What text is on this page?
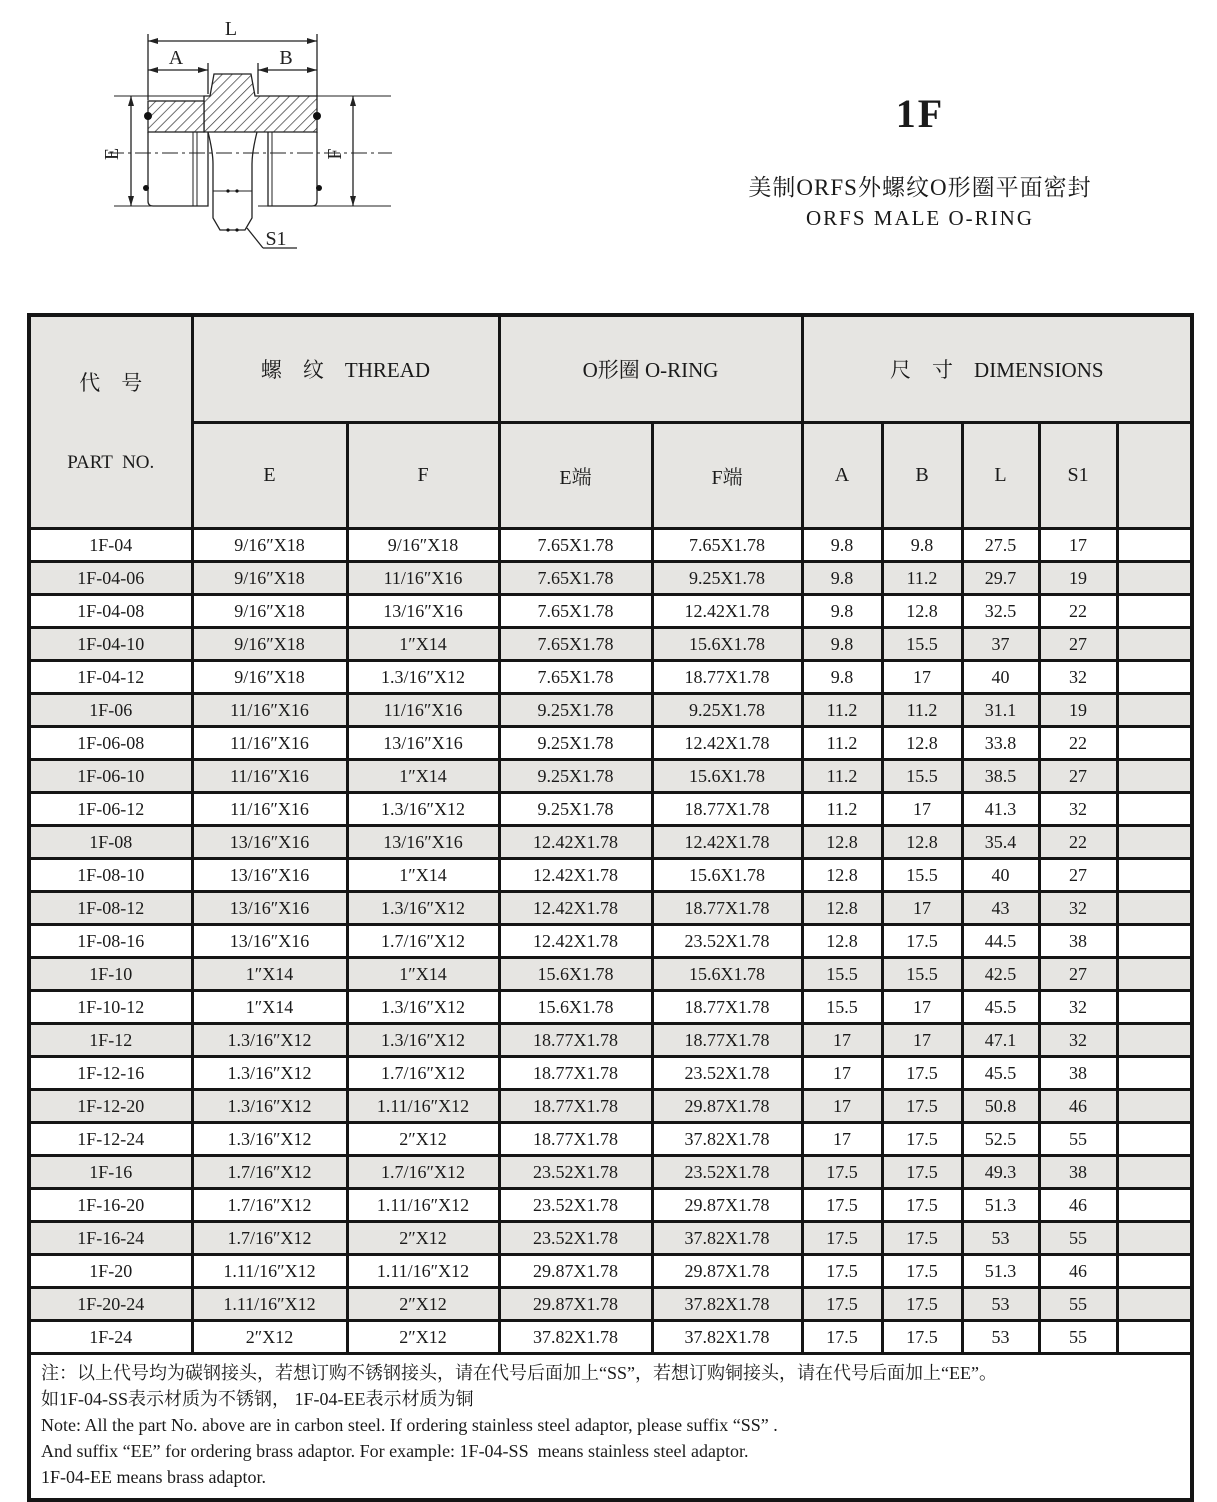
L
A	B
E	F
S1
1F
美制ORFS外螺纹O形圈平面密封
ORFS MALE O-RING

代　号

PART  NO.	螺　纹　THREAD		O形圈 O-RING		尺　寸　DIMENSIONS				
	E	F	E端	F端	A	B	L	S1	
1F-04	9/16″X18	9/16″X18	7.65X1.78	7.65X1.78	9.8	9.8	27.5	17	
1F-04-06	9/16″X18	11/16″X16	7.65X1.78	9.25X1.78	9.8	11.2	29.7	19	
1F-04-08	9/16″X18	13/16″X16	7.65X1.78	12.42X1.78	9.8	12.8	32.5	22	
1F-04-10	9/16″X18	1″X14	7.65X1.78	15.6X1.78	9.8	15.5	37	27	
1F-04-12	9/16″X18	1.3/16″X12	7.65X1.78	18.77X1.78	9.8	17	40	32	
1F-06	11/16″X16	11/16″X16	9.25X1.78	9.25X1.78	11.2	11.2	31.1	19	
1F-06-08	11/16″X16	13/16″X16	9.25X1.78	12.42X1.78	11.2	12.8	33.8	22	
1F-06-10	11/16″X16	1″X14	9.25X1.78	15.6X1.78	11.2	15.5	38.5	27	
1F-06-12	11/16″X16	1.3/16″X12	9.25X1.78	18.77X1.78	11.2	17	41.3	32	
1F-08	13/16″X16	13/16″X16	12.42X1.78	12.42X1.78	12.8	12.8	35.4	22	
1F-08-10	13/16″X16	1″X14	12.42X1.78	15.6X1.78	12.8	15.5	40	27	
1F-08-12	13/16″X16	1.3/16″X12	12.42X1.78	18.77X1.78	12.8	17	43	32	
1F-08-16	13/16″X16	1.7/16″X12	12.42X1.78	23.52X1.78	12.8	17.5	44.5	38	
1F-10	1″X14	1″X14	15.6X1.78	15.6X1.78	15.5	15.5	42.5	27	
1F-10-12	1″X14	1.3/16″X12	15.6X1.78	18.77X1.78	15.5	17	45.5	32	
1F-12	1.3/16″X12	1.3/16″X12	18.77X1.78	18.77X1.78	17	17	47.1	32	
1F-12-16	1.3/16″X12	1.7/16″X12	18.77X1.78	23.52X1.78	17	17.5	45.5	38	
1F-12-20	1.3/16″X12	1.11/16″X12	18.77X1.78	29.87X1.78	17	17.5	50.8	46	
1F-12-24	1.3/16″X12	2″X12	18.77X1.78	37.82X1.78	17	17.5	52.5	55	
1F-16	1.7/16″X12	1.7/16″X12	23.52X1.78	23.52X1.78	17.5	17.5	49.3	38	
1F-16-20	1.7/16″X12	1.11/16″X12	23.52X1.78	29.87X1.78	17.5	17.5	51.3	46	
1F-16-24	1.7/16″X12	2″X12	23.52X1.78	37.82X1.78	17.5	17.5	53	55	
1F-20	1.11/16″X12	1.11/16″X12	29.87X1.78	29.87X1.78	17.5	17.5	51.3	46	
1F-20-24	1.11/16″X12	2″X12	29.87X1.78	37.82X1.78	17.5	17.5	53	55	
1F-24	2″X12	2″X12	37.82X1.78	37.82X1.78	17.5	17.5	53	55	

注：以上代号均为碳钢接头，若想订购不锈钢接头，请在代号后面加上“SS”，若想订购铜接头，请在代号后面加上“EE”。
如1F-04-SS表示材质为不锈钢， 1F-04-EE表示材质为铜
Note: All the part No. above are in carbon steel. If ordering stainless steel adaptor, please suffix “SS” .
And suffix “EE” for ordering brass adaptor. For example: 1F-04-SS  means stainless steel adaptor.
1F-04-EE means brass adaptor.									
